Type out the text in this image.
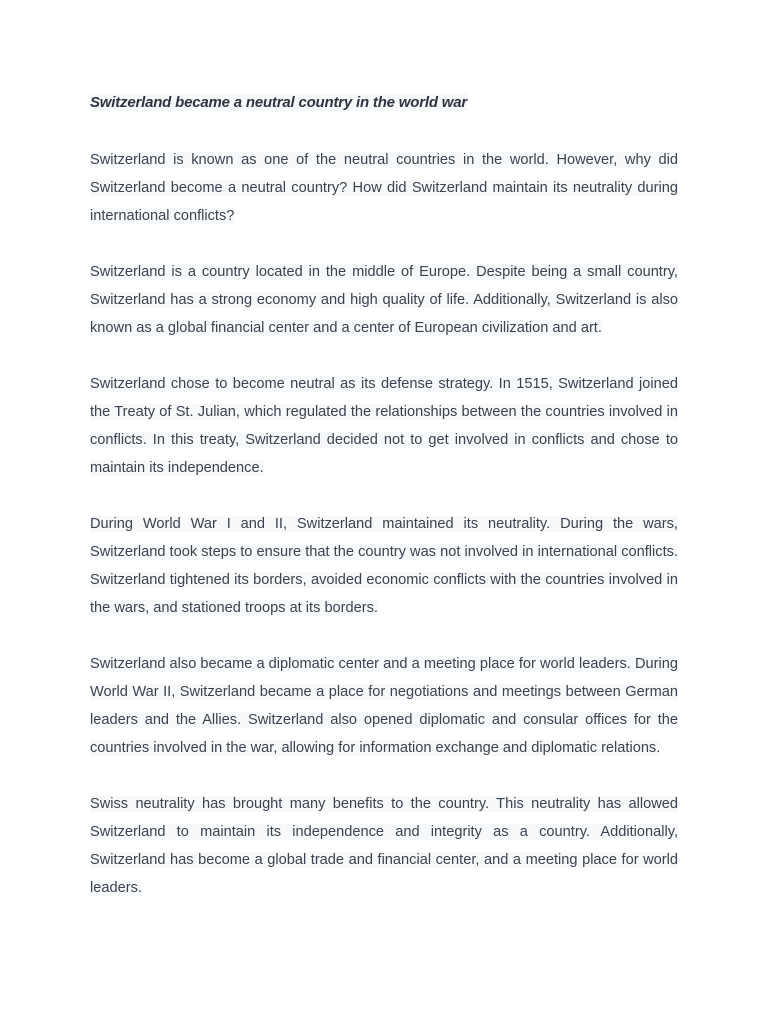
Switzerland became a neutral country in the world war

Switzerland is known as one of the neutral countries in the world. However, why did Switzerland become a neutral country? How did Switzerland maintain its neutrality during international conflicts?

Switzerland is a country located in the middle of Europe. Despite being a small country, Switzerland has a strong economy and high quality of life. Additionally, Switzerland is also known as a global financial center and a center of European civilization and art.

Switzerland chose to become neutral as its defense strategy. In 1515, Switzerland joined the Treaty of St. Julian, which regulated the relationships between the countries involved in conflicts. In this treaty, Switzerland decided not to get involved in conflicts and chose to maintain its independence.

During World War I and II, Switzerland maintained its neutrality. During the wars, Switzerland took steps to ensure that the country was not involved in international conflicts. Switzerland tightened its borders, avoided economic conflicts with the countries involved in the wars, and stationed troops at its borders.

Switzerland also became a diplomatic center and a meeting place for world leaders. During World War II, Switzerland became a place for negotiations and meetings between German leaders and the Allies. Switzerland also opened diplomatic and consular offices for the countries involved in the war, allowing for information exchange and diplomatic relations.

Swiss neutrality has brought many benefits to the country. This neutrality has allowed Switzerland to maintain its independence and integrity as a country. Additionally, Switzerland has become a global trade and financial center, and a meeting place for world leaders.
